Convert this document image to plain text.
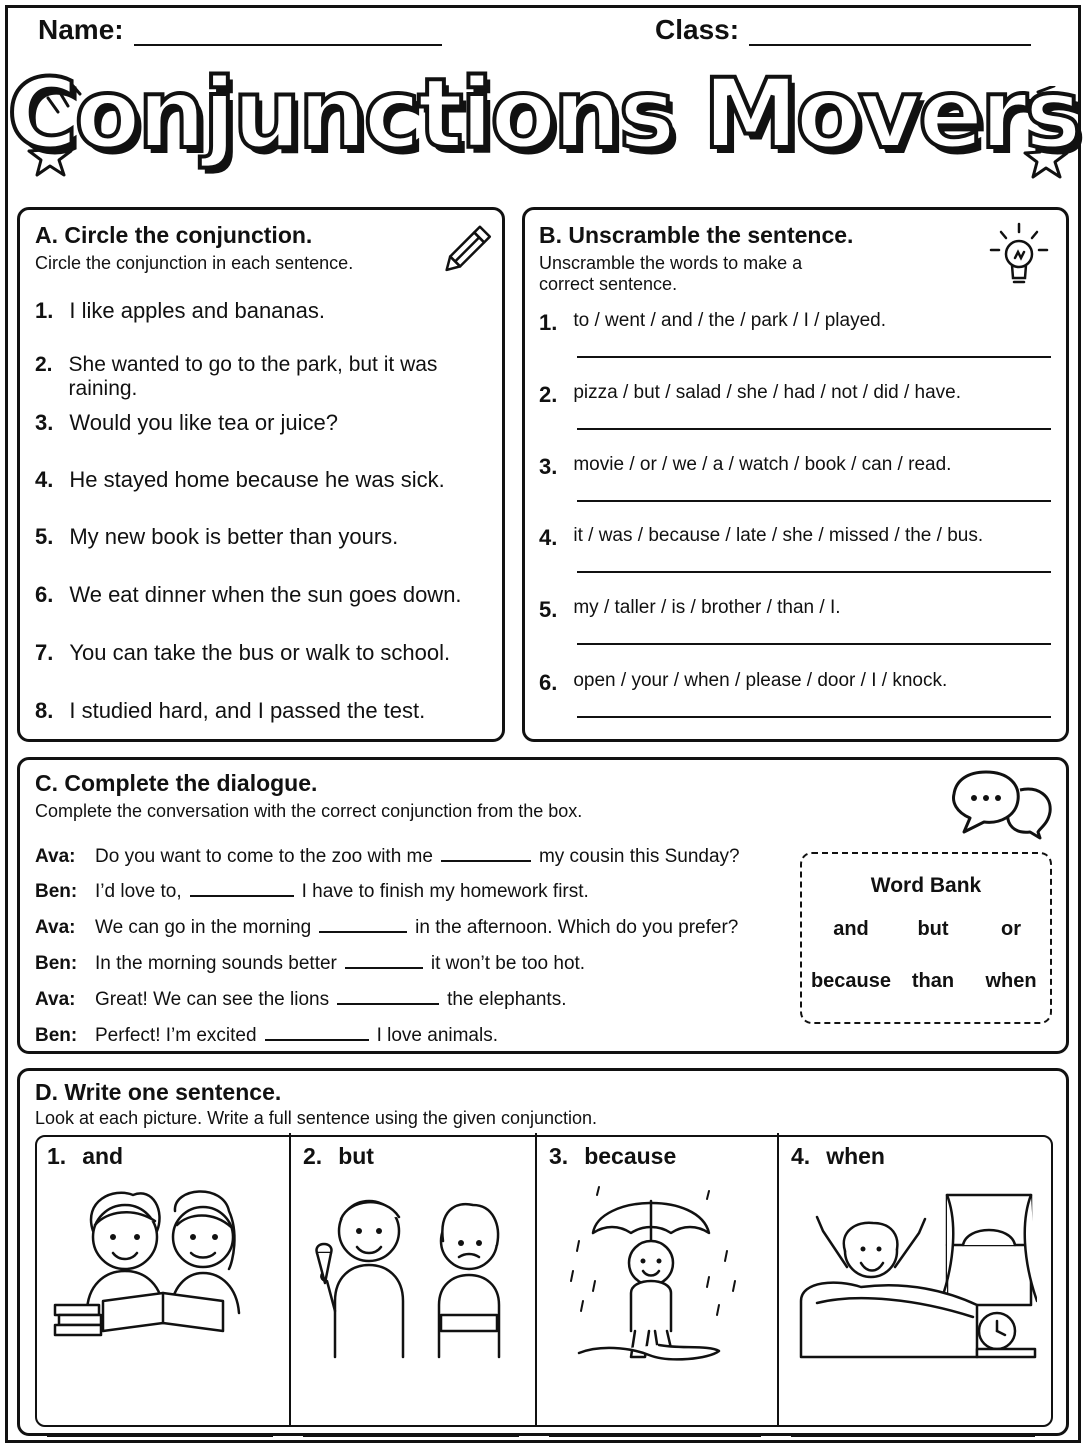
Name:	Class:
Conjunctions Movers
A. Circle the conjunction.
Circle the conjunction in each sentence.
1. I like apples and bananas.
2. She wanted to go to the park, but it was raining.
3. Would you like tea or juice?
4. He stayed home because he was sick.
5. My new book is better than yours.
6. We eat dinner when the sun goes down.
7. You can take the bus or walk to school.
8. I studied hard, and I passed the test.
B. Unscramble the sentence.
Unscramble the words to make a
correct sentence.
1. to / went / and / the / park / I / played.
2. pizza / but / salad / she / had / not / did / have.
3. movie / or / we / a / watch / book / can / read.
4. it / was / because / late / she / missed / the / bus.
5. my / taller / is / brother / than / I.
6. open / your / when / please / door / I / knock.
C. Complete the dialogue.
Complete the conversation with the correct conjunction from the box.
Ava:	Do you want to come to the zoo with me	my cousin this Sunday?
Ben: I’d love to,	I have to finish my homework first.
Ava:	We can go in the morning	in the afternoon. Which do you prefer?
Ben: In the morning sounds better	it won’t be too hot.
Ava:	Great! We can see the lions	the elephants.
Ben: Perfect! I’m excited	I love animals.
Word Bank
and	but	or
because	than	when
D. Write one sentence.
Look at each picture. Write a full sentence using the given conjunction.
1. and	2. but	3. because	4. when
